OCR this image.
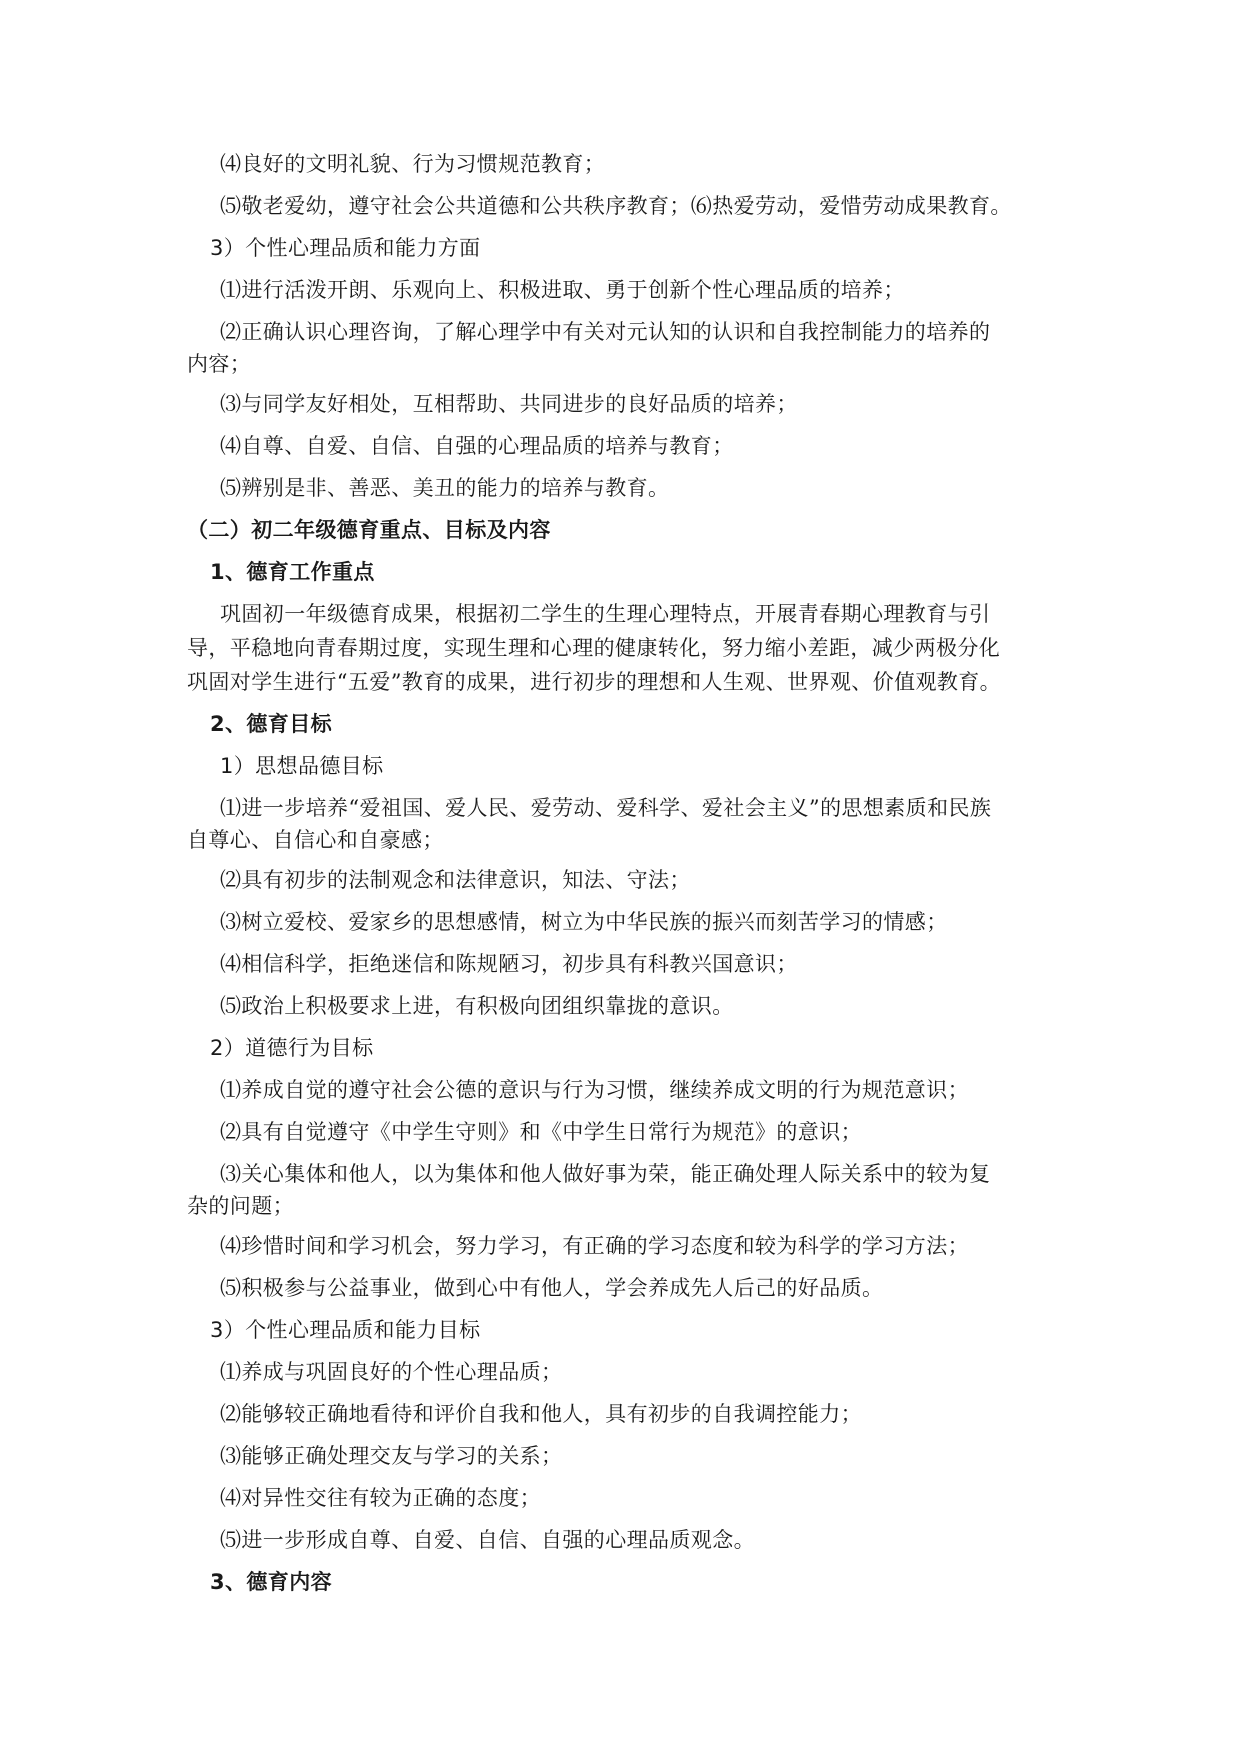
⑷良好的文明礼貌、行为习惯规范教育；
⑸敬老爱幼，遵守社会公共道德和公共秩序教育；⑹热爱劳动，爱惜劳动成果教育。
3）个性心理品质和能力方面
⑴进行活泼开朗、乐观向上、积极进取、勇于创新个性心理品质的培养；
⑵正确认识心理咨询，了解心理学中有关对元认知的认识和自我控制能力的培养的
内容；
⑶与同学友好相处，互相帮助、共同进步的良好品质的培养；
⑷自尊、自爱、自信、自强的心理品质的培养与教育；
⑸辨别是非、善恶、美丑的能力的培养与教育。
（二）初二年级德育重点、目标及内容
1、德育工作重点
巩固初一年级德育成果，根据初二学生的生理心理特点，开展青春期心理教育与引
导，平稳地向青春期过度，实现生理和心理的健康转化，努力缩小差距，减少两极分化
巩固对学生进行“五爱”教育的成果，进行初步的理想和人生观、世界观、价值观教育。
2、德育目标
1）思想品德目标
⑴进一步培养“爱祖国、爱人民、爱劳动、爱科学、爱社会主义”的思想素质和民族
自尊心、自信心和自豪感；
⑵具有初步的法制观念和法律意识，知法、守法；
⑶树立爱校、爱家乡的思想感情，树立为中华民族的振兴而刻苦学习的情感；
⑷相信科学，拒绝迷信和陈规陋习，初步具有科教兴国意识；
⑸政治上积极要求上进，有积极向团组织靠拢的意识。
2）道德行为目标
⑴养成自觉的遵守社会公德的意识与行为习惯，继续养成文明的行为规范意识；
⑵具有自觉遵守《中学生守则》和《中学生日常行为规范》的意识；
⑶关心集体和他人，以为集体和他人做好事为荣，能正确处理人际关系中的较为复
杂的问题；
⑷珍惜时间和学习机会，努力学习，有正确的学习态度和较为科学的学习方法；
⑸积极参与公益事业，做到心中有他人，学会养成先人后己的好品质。
3）个性心理品质和能力目标
⑴养成与巩固良好的个性心理品质；
⑵能够较正确地看待和评价自我和他人，具有初步的自我调控能力；
⑶能够正确处理交友与学习的关系；
⑷对异性交往有较为正确的态度；
⑸进一步形成自尊、自爱、自信、自强的心理品质观念。
3、德育内容
